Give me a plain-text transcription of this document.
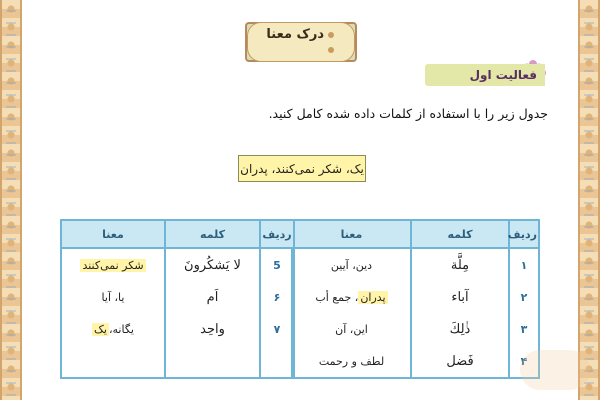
درک معنا
فعالیت اول
جدول زیر را با استفاده از کلمات داده شده کامل کنید.
یک، شکر نمی‌کنند، پدران
ردیف	کلمه	معنا
۱	مِلَّة	دین، آیین
۲	آباء	پدران، جمع أب
۳	ذٰلِكَ	این، آن
۴	فَضل	لطف و رحمت
ردیف	کلمه	معنا
5	لا یَشکُرونَ	شکر نمی‌کنند
۶	اَم	یا، آیا
۷	واحِد	یگانه،یک
